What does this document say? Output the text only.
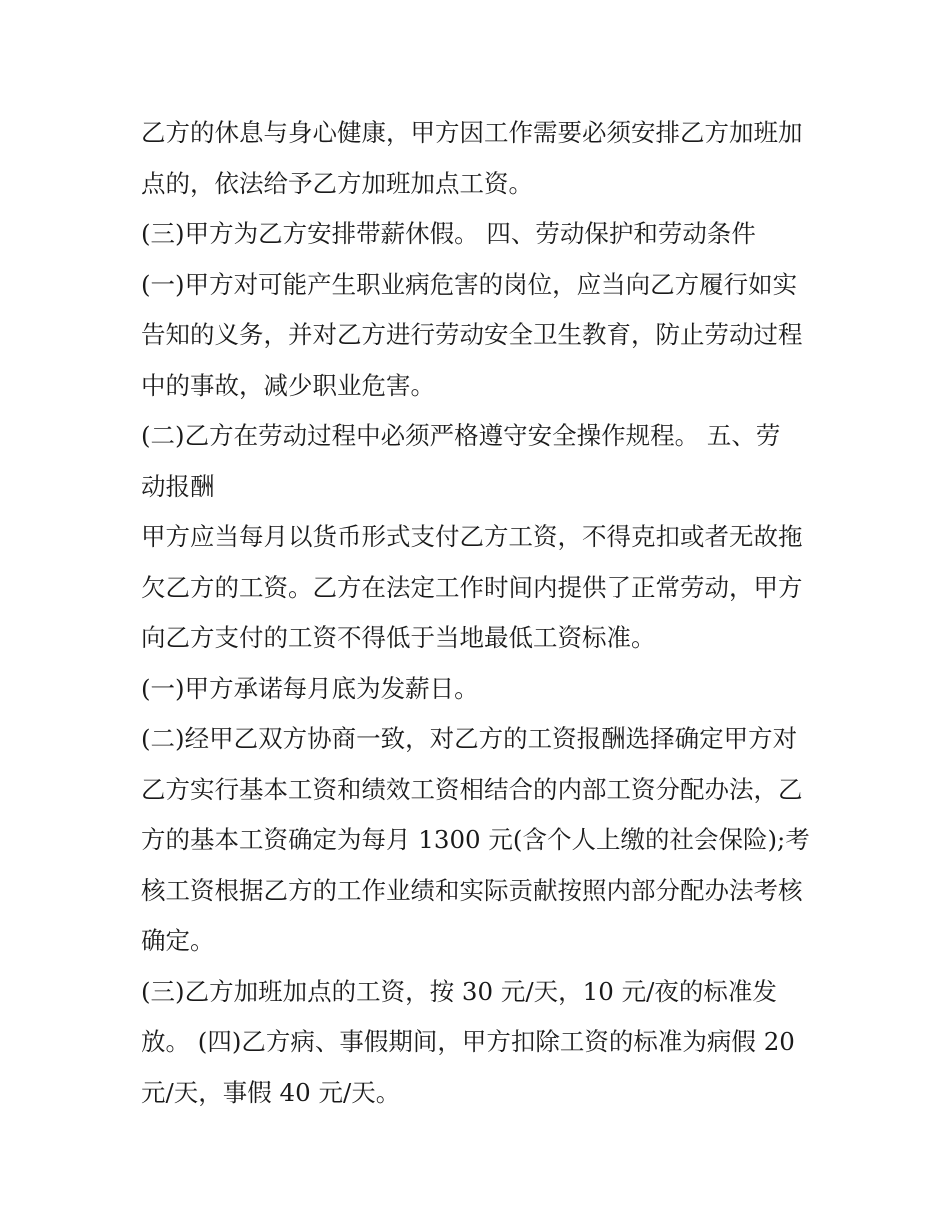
乙方的休息与身心健康，甲方因工作需要必须安排乙方加班加
点的，依法给予乙方加班加点工资。
(三)甲方为乙方安排带薪休假。 四、劳动保护和劳动条件
(一)甲方对可能产生职业病危害的岗位，应当向乙方履行如实
告知的义务，并对乙方进行劳动安全卫生教育，防止劳动过程
中的事故，减少职业危害。
(二)乙方在劳动过程中必须严格遵守安全操作规程。 五、劳
动报酬
甲方应当每月以货币形式支付乙方工资，不得克扣或者无故拖
欠乙方的工资。乙方在法定工作时间内提供了正常劳动，甲方
向乙方支付的工资不得低于当地最低工资标准。
(一)甲方承诺每月底为发薪日。
(二)经甲乙双方协商一致，对乙方的工资报酬选择确定甲方对
乙方实行基本工资和绩效工资相结合的内部工资分配办法，乙
方的基本工资确定为每月 1300 元(含个人上缴的社会保险);考
核工资根据乙方的工作业绩和实际贡献按照内部分配办法考核
确定。
(三)乙方加班加点的工资，按 30 元/天，10 元/夜的标准发
放。 (四)乙方病、事假期间，甲方扣除工资的标准为病假 20
元/天，事假 40 元/天。
